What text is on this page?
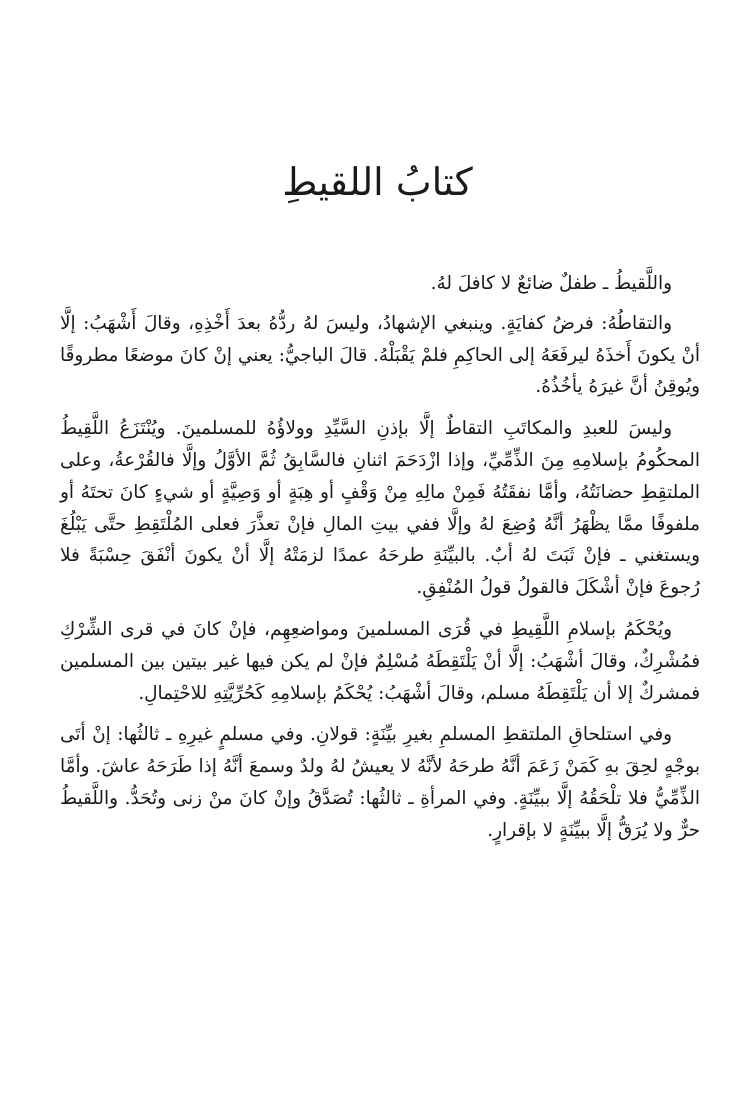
كتابُ اللقيطِ

واللَّقيطُ ـ طفلٌ ضائعٌ لا كافلَ لهُ.

والتقاطُهُ: فرضُ كفايَةٍ. وينبغي الإشهادُ، وليسَ لهُ ردُّهُ بعدَ أَخْذِهِ، وقالَ أَشْهَبُ: إلَّا أنْ يكونَ أَخذَهُ ليرفَعَهُ إلى الحاكِمِ فلمْ يَقْبَلْهُ. قالَ الباجيُّ: يعني إنْ كانَ موضعًا مطروقًا ويُوقِنُ أنَّ غيرَهُ يأخُذُهُ.

وليسَ للعبدِ والمكاتَبِ التقاطٌ إلَّا بإذنِ السَّيِّدِ وولاؤُهُ للمسلمينَ. ويُنْتَزَعُ اللَّقِيطُ المحكُومُ بإسلامِهِ مِنَ الذِّمِّيِّ، وإذا ازْدَحَمَ اثنانِ فالسَّابِقُ ثُمَّ الأوَّلُ وإلَّا فالقُرْعةُ، وعلى الملتقِطِ حضانَتُهُ، وأمَّا نفقَتُهُ فَمِنْ مالِهِ مِنْ وَقْفٍ أو هِبَةٍ أو وَصِيَّةٍ أو شيءٍ كانَ تحتَهُ أو ملفوفًا ممَّا يظْهَرُ أنَّهُ وُضِعَ لهُ وإلَّا ففي بيتِ المالِ فإنْ تعذَّرَ فعلى المُلْتَقِطِ حتَّى يَبْلُغَ ويستغني ـ فإنْ ثَبَتَ لهُ أبٌ. بالبيِّنَةِ طرحَهُ عمدًا لزمَتْهُ إلَّا أنْ يكونَ أنْفَقَ حِسْبَةً فلا رُجوعَ فإنْ أشْكَلَ فالقولُ قولُ المُنْفِقِ.

ويُحْكَمُ بإسلامِ اللَّقِيطِ في قُرَى المسلمينَ ومواضعِهِم، فإنْ كانَ في قرى الشِّرْكِ فمُشْرِكٌ، وقالَ أشْهَبُ: إلَّا أنْ يَلْتَقِطَهُ مُسْلِمٌ فإنْ لم يكن فيها غير بيتين بين المسلمين فمشركٌ إلا أن يَلْتَقِطَهُ مسلم، وقالَ أشْهَبُ: يُحْكَمُ بإسلامِهِ كَحُرِّيَّتِهِ للاحْتِمالِ.

وفي استلحاقِ الملتقطِ المسلمِ بغيرِ بيِّنَةٍ: قولانِ. وفي مسلمٍ غيرِهِ ـ ثالثُها: إنْ أتَى بوجْهٍ لحِقَ بهِ كَمَنْ زَعَمَ أنَّهُ طرحَهُ لأنَّهُ لا يعيشُ لهُ ولدٌ وسمعَ أنَّهُ إذا طَرَحَهُ عاشَ. وأمَّا الذِّمِّيُّ فلا تلْحَقُهُ إلَّا ببيِّنَةٍ. وفي المرأةِ ـ ثالثُها: تُصَدَّقُ وإنْ كانَ منْ زنى وتُحَدُّ. واللَّقيطُ حرٌّ ولا يُرَقُّ إلَّا ببيِّنَةٍ لا بإقرارٍ.
